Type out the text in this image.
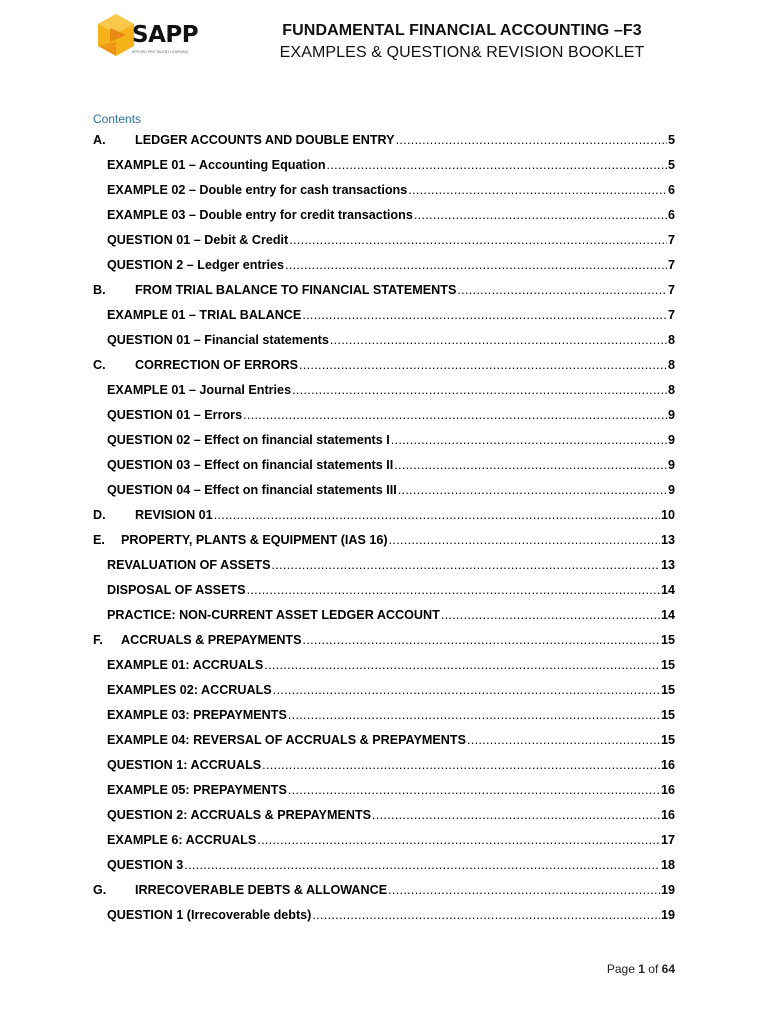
SAPP
APPLIED PRO TALENT LEARNING
FUNDAMENTAL FINANCIAL ACCOUNTING –F3
EXAMPLES & QUESTION& REVISION BOOKLET
Contents
A.	LEDGER ACCOUNTS AND DOUBLE ENTRY .....	5
EXAMPLE 01 – Accounting Equation .....	5
EXAMPLE 02 – Double entry for cash transactions .....	6
EXAMPLE 03 – Double entry for credit transactions .....	6
QUESTION 01 – Debit & Credit .....	7
QUESTION 2 – Ledger entries .....	7
B.	FROM TRIAL BALANCE TO FINANCIAL STATEMENTS .....	7
EXAMPLE 01 – TRIAL BALANCE .....	7
QUESTION 01 – Financial statements .....	8
C.	CORRECTION OF ERRORS .....	8
EXAMPLE 01 – Journal Entries .....	8
QUESTION 01 – Errors .....	9
QUESTION 02 – Effect on financial statements I .....	9
QUESTION 03 – Effect on financial statements II .....	9
QUESTION 04 – Effect on financial statements III .....	9
D.	REVISION 01 .....	10
E.	PROPERTY, PLANTS & EQUIPMENT (IAS 16) .....	13
REVALUATION OF ASSETS .....	13
DISPOSAL OF ASSETS .....	14
PRACTICE: NON-CURRENT ASSET LEDGER ACCOUNT .....	14
F.	ACCRUALS & PREPAYMENTS .....	15
EXAMPLE 01: ACCRUALS .....	15
EXAMPLES 02: ACCRUALS .....	15
EXAMPLE 03: PREPAYMENTS .....	15
EXAMPLE 04: REVERSAL OF ACCRUALS & PREPAYMENTS .....	15
QUESTION 1: ACCRUALS .....	16
EXAMPLE 05: PREPAYMENTS .....	16
QUESTION 2: ACCRUALS & PREPAYMENTS .....	16
EXAMPLE 6: ACCRUALS .....	17
QUESTION 3 .....	18
G.	IRRECOVERABLE DEBTS & ALLOWANCE .....	19
QUESTION 1 (Irrecoverable debts) .....	19
Page 1 of 64
